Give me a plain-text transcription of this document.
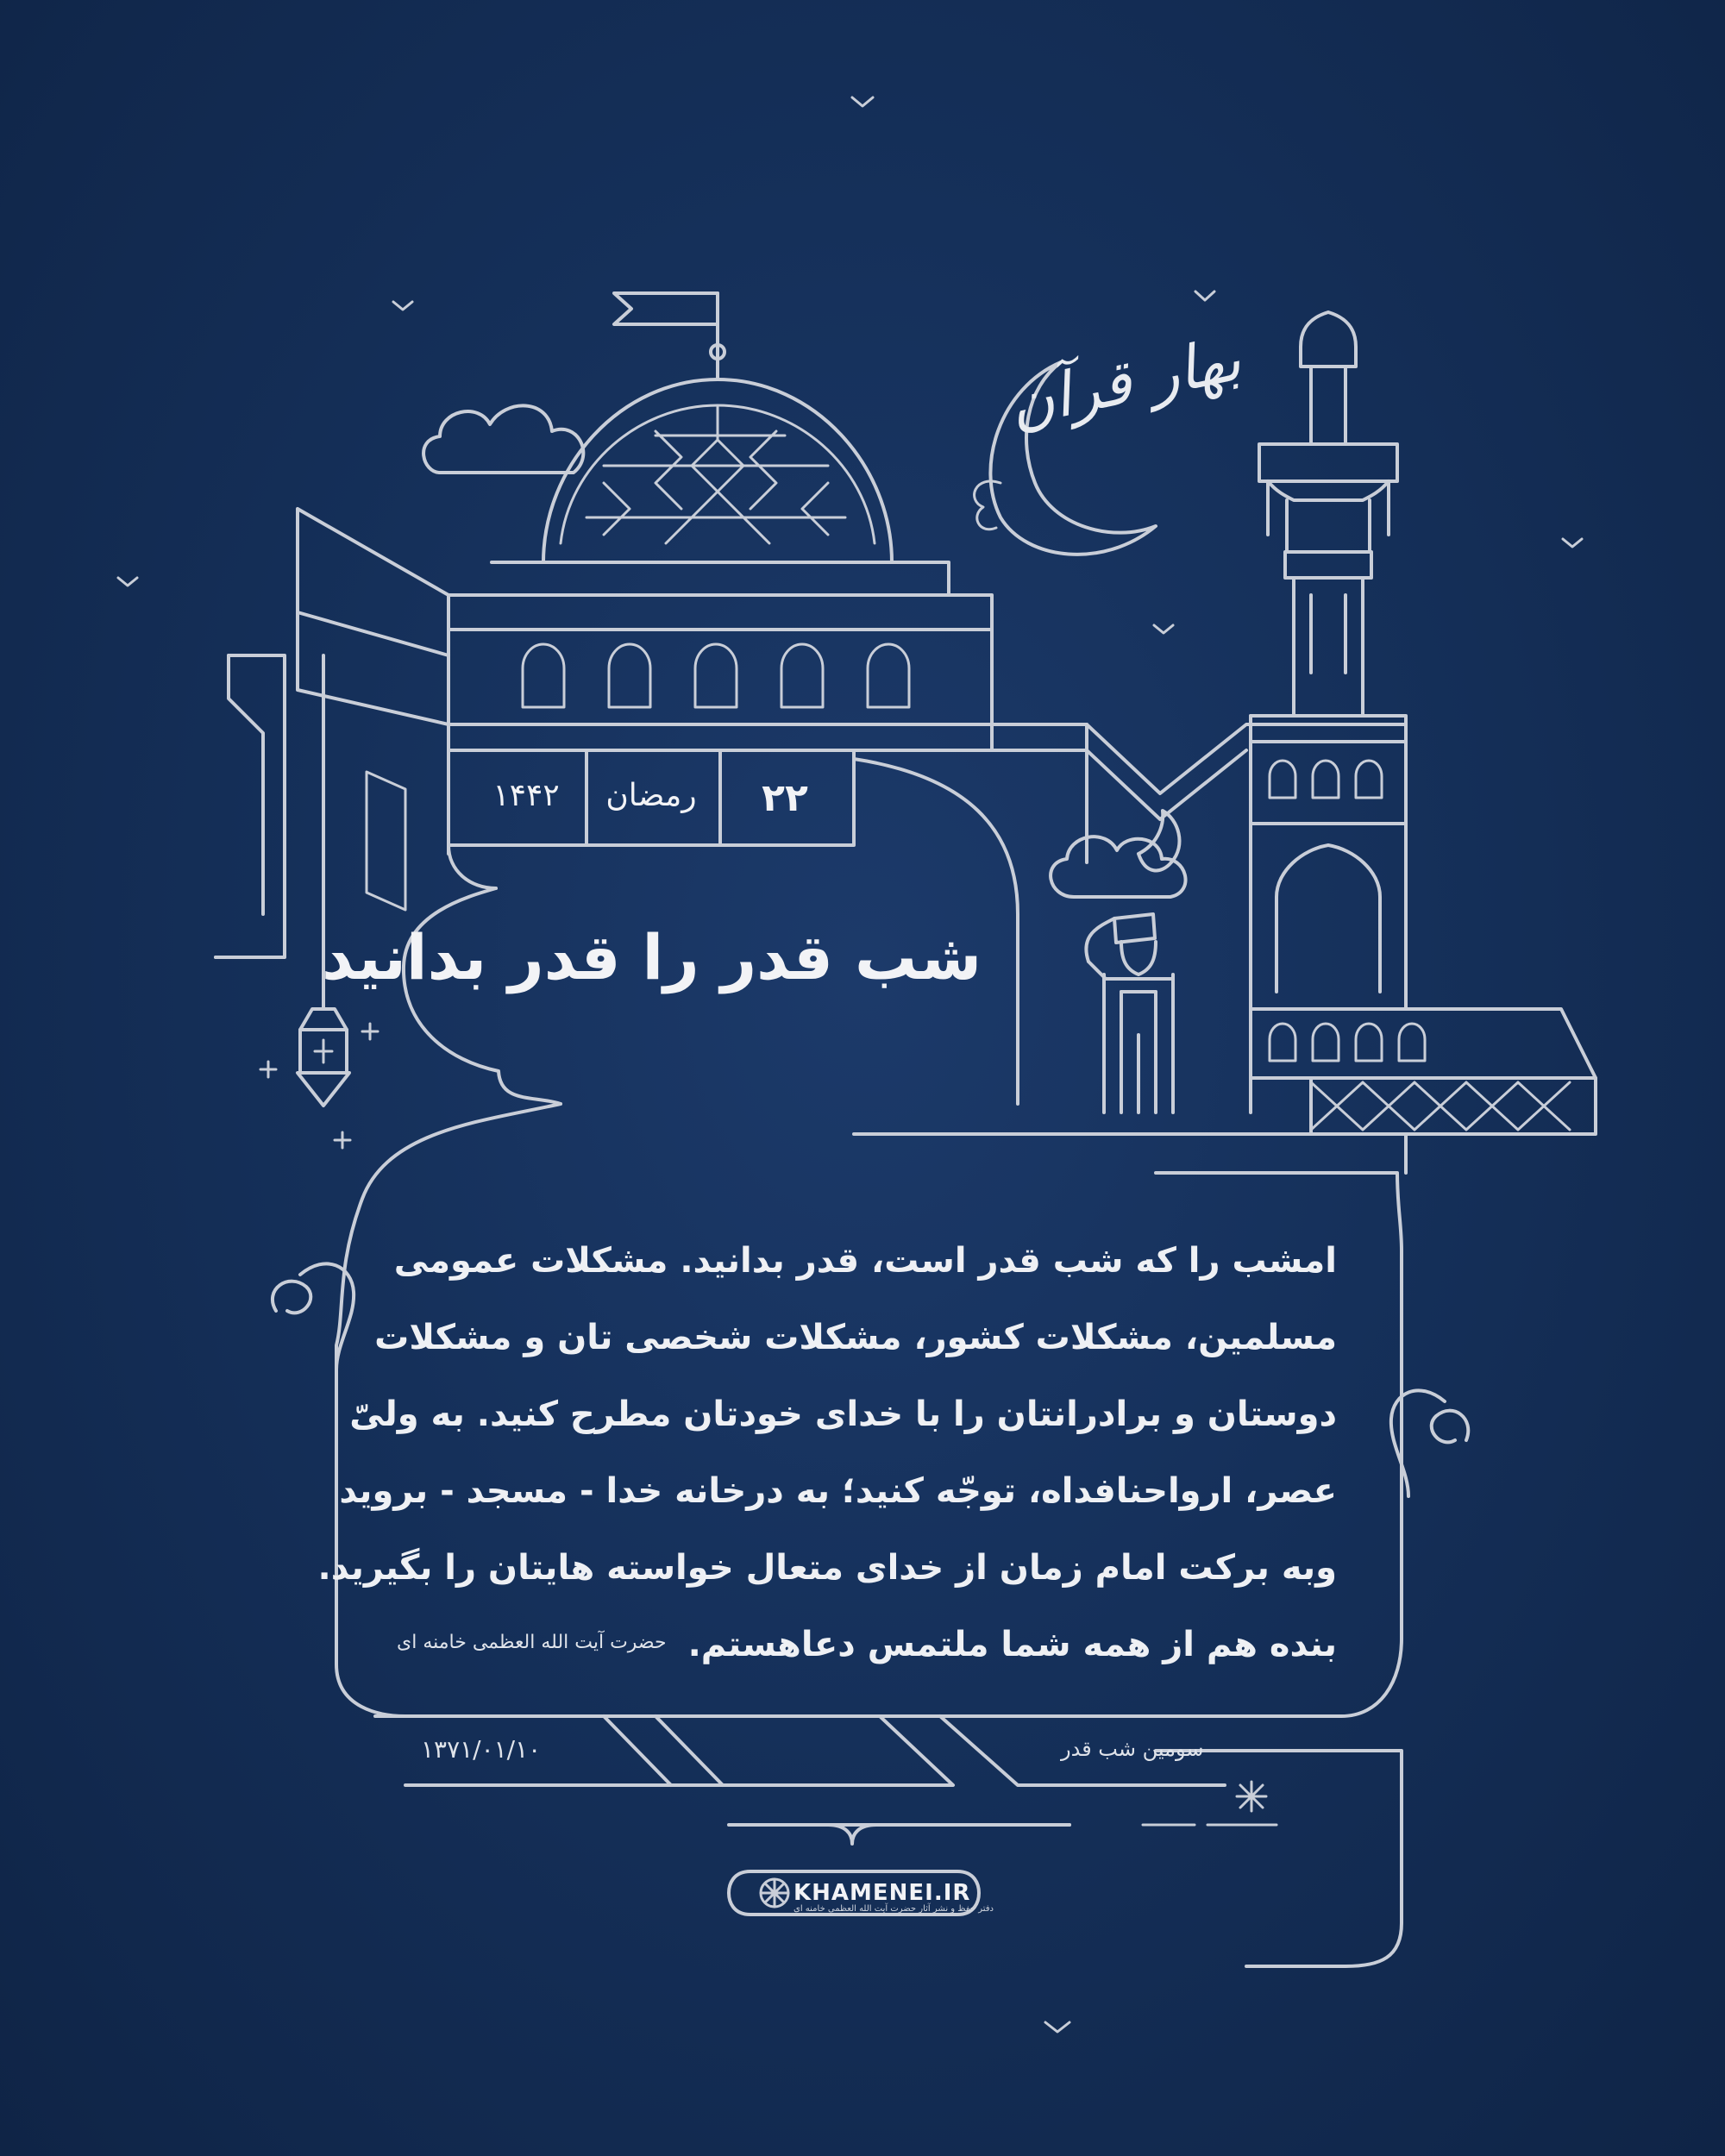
۲۲
رمضان
۱۴۴۲
شب قدر را قدر بدانید
امشب را که شب قدر است، قدر بدانید. مشکلات عمومی
مسلمین، مشکلات کشور، مشکلات شخصی تان و مشکلات
دوستان و برادرانتان را با خدای خودتان مطرح کنید. به ولیّ
عصر، ارواحنافداه، توجّه کنید؛ به درخانه خدا - مسجد - بروید
وبه برکت امام زمان از خدای متعال خواسته هایتان را بگیرید.
بنده هم از همه شما ملتمس دعاهستم.
حضرت آیت الله العظمی خامنه ای
سومین شب قدر
۱۳۷۱/۰۱/۱۰
KHAMENEI.IR
دفتر حفظ و نشر آثار حضرت آیت الله العظمی خامنه ای
بهار قرآن
